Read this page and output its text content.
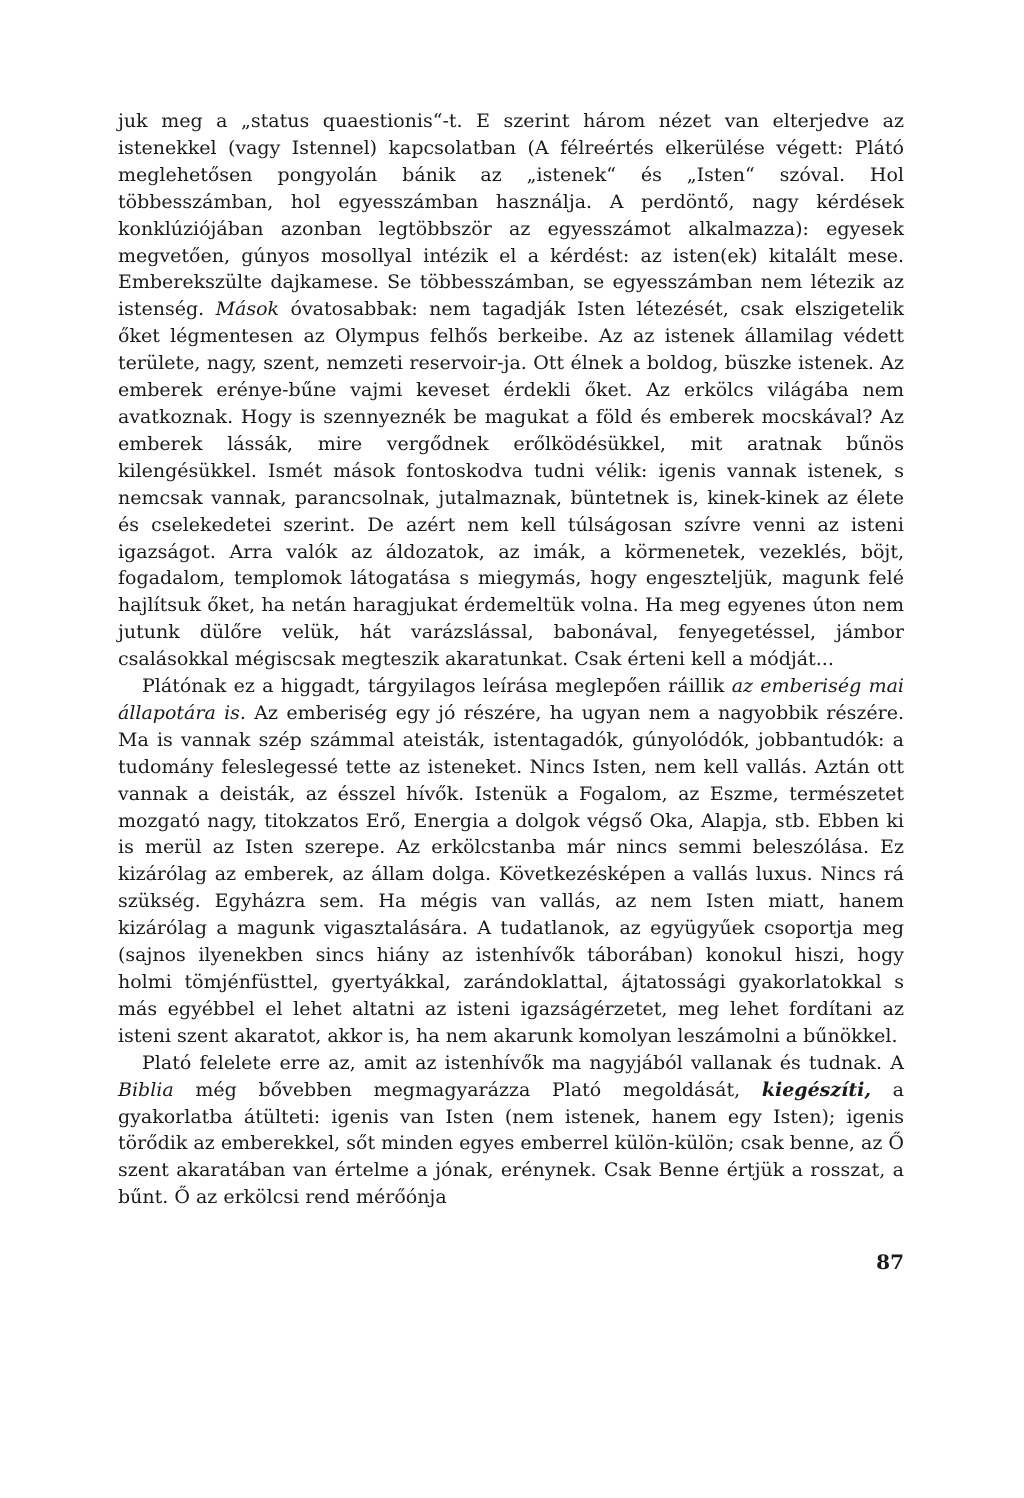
juk meg a „status quaestionis“-t. E szerint három nézet van elterjedve az istenekkel (vagy Istennel) kapcsolatban (A félreértés elkerülése végett: Plátó meglehetősen pongyolán bánik az „istenek“ és „Isten“ szóval. Hol többesszámban, hol egyesszámban használja. A perdöntő, nagy kérdések konklúziójában azonban legtöbbször az egyesszámot alkalmazza): egyesek megvetően, gúnyos mosollyal intézik el a kérdést: az isten(ek) kitalált mese. Emberekszülte dajkamese. Se többesszámban, se egyesszámban nem létezik az istenség. Mások óvatosabbak: nem tagadják Isten létezését, csak elszigetelik őket légmentesen az Olympus felhős berkeibe. Az az istenek államilag védett területe, nagy, szent, nemzeti reservoir-ja. Ott élnek a boldog, büszke istenek. Az emberek erénye-bűne vajmi keveset érdekli őket. Az erkölcs világába nem avatkoznak. Hogy is szennyeznék be magukat a föld és emberek mocskával? Az emberek lássák, mire vergődnek erőlködésükkel, mit aratnak bűnös kilengésükkel. Ismét mások fontoskodva tudni vélik: igenis vannak istenek, s nemcsak vannak, parancsolnak, jutalmaznak, büntetnek is, kinek-kinek az élete és cselekedetei szerint. De azért nem kell túlságosan szívre venni az isteni igazságot. Arra valók az áldozatok, az imák, a körmenetek, vezeklés, böjt, fogadalom, templomok látogatása s miegymás, hogy engeszteljük, magunk felé hajlítsuk őket, ha netán haragjukat érdemeltük volna. Ha meg egyenes úton nem jutunk dülőre velük, hát varázslással, babonával, fenyegetéssel, jámbor csalásokkal mégiscsak megteszik akaratunkat. Csak érteni kell a módját...

Plátónak ez a higgadt, tárgyilagos leírása meglepően ráillik az emberiség mai állapotára is. Az emberiség egy jó részére, ha ugyan nem a nagyobbik részére. Ma is vannak szép számmal ateisták, istentagadók, gúnyolódók, jobbantudók: a tudomány feleslegessé tette az isteneket. Nincs Isten, nem kell vallás. Aztán ott vannak a deisták, az ésszel hívők. Istenük a Fogalom, az Eszme, természetet mozgató nagy, titokzatos Erő, Energia a dolgok végső Oka, Alapja, stb. Ebben ki is merül az Isten szerepe. Az erkölcstanba már nincs semmi beleszólása. Ez kizárólag az emberek, az állam dolga. Következésképen a vallás luxus. Nincs rá szükség. Egyházra sem. Ha mégis van vallás, az nem Isten miatt, hanem kizárólag a magunk vigasztalására. A tudatlanok, az együgyűek csoportja meg (sajnos ilyenekben sincs hiány az istenhívők táborában) konokul hiszi, hogy holmi tömjénfüsttel, gyertyákkal, zarándoklattal, ájtatossági gyakorlatokkal s más egyébbel el lehet altatni az isteni igazságérzetet, meg lehet fordítani az isteni szent akaratot, akkor is, ha nem akarunk komolyan leszámolni a bűnökkel.

Plató felelete erre az, amit az istenhívők ma nagyjából vallanak és tudnak. A Biblia még bővebben megmagyarázza Plató megoldását, kiegészíti, a gyakorlatba átülteti: igenis van Isten (nem istenek, hanem egy Isten); igenis törődik az emberekkel, sőt minden egyes emberrel külön-külön; csak benne, az Ő szent akaratában van értelme a jónak, erénynek. Csak Benne értjük a rosszat, a bűnt. Ő az erkölcsi rend mérőónja

87
